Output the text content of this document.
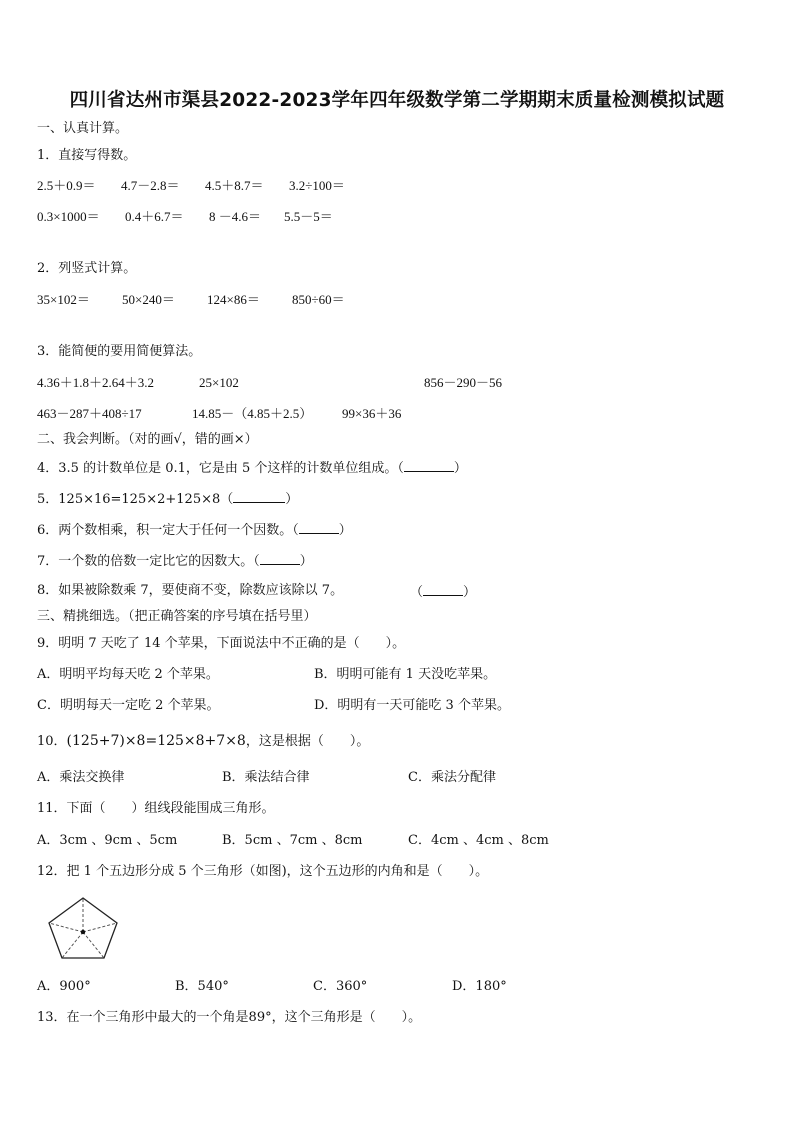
四川省达州市渠县2022-2023学年四年级数学第二学期期末质量检测模拟试题
一、认真计算。
1．直接写得数。
2.5＋0.9＝ 4.7－2.8＝ 4.5＋8.7＝ 3.2÷100＝
0.3×1000＝ 0.4＋6.7＝ 8 －4.6＝ 5.5－5＝
2．列竖式计算。
35×102＝ 50×240＝ 124×86＝ 850÷60＝
3．能简便的要用简便算法。
4.36＋1.8＋2.64＋3.2	25×102	856－290－56
463－287＋408÷17	14.85－（4.85＋2.5） 99×36＋36
二、我会判断。（对的画√，错的画×）
4．3.5 的计数单位是 0.1，它是由 5 个这样的计数单位组成。（	）
5．125×16=125×2+125×8（	）
6．两个数相乘，积一定大于任何一个因数。（	）
7．一个数的倍数一定比它的因数大。（	）
8．如果被除数乘 7，要使商不变，除数应该除以 7。	（	）
三、精挑细选。（把正确答案的序号填在括号里）
9．明明 7 天吃了 14 个苹果，下面说法中不正确的是（　　）。
A．明明平均每天吃 2 个苹果。	B．明明可能有 1 天没吃苹果。
C．明明每天一定吃 2 个苹果。	D．明明有一天可能吃 3 个苹果。
10．(125+7)×8=125×8+7×8，这是根据（　　）。
A．乘法交换律	B．乘法结合律	C．乘法分配律
11．下面（　　）组线段能围成三角形。
A．3cm 、9cm 、5cm	B．5cm 、7cm 、8cm	C．4cm 、4cm 、8cm
12．把 1 个五边形分成 5 个三角形（如图)，这个五边形的内角和是（　　）。
A．900°	B．540°	C．360°	D．180°
13．在一个三角形中最大的一个角是89°，这个三角形是（　　）。
